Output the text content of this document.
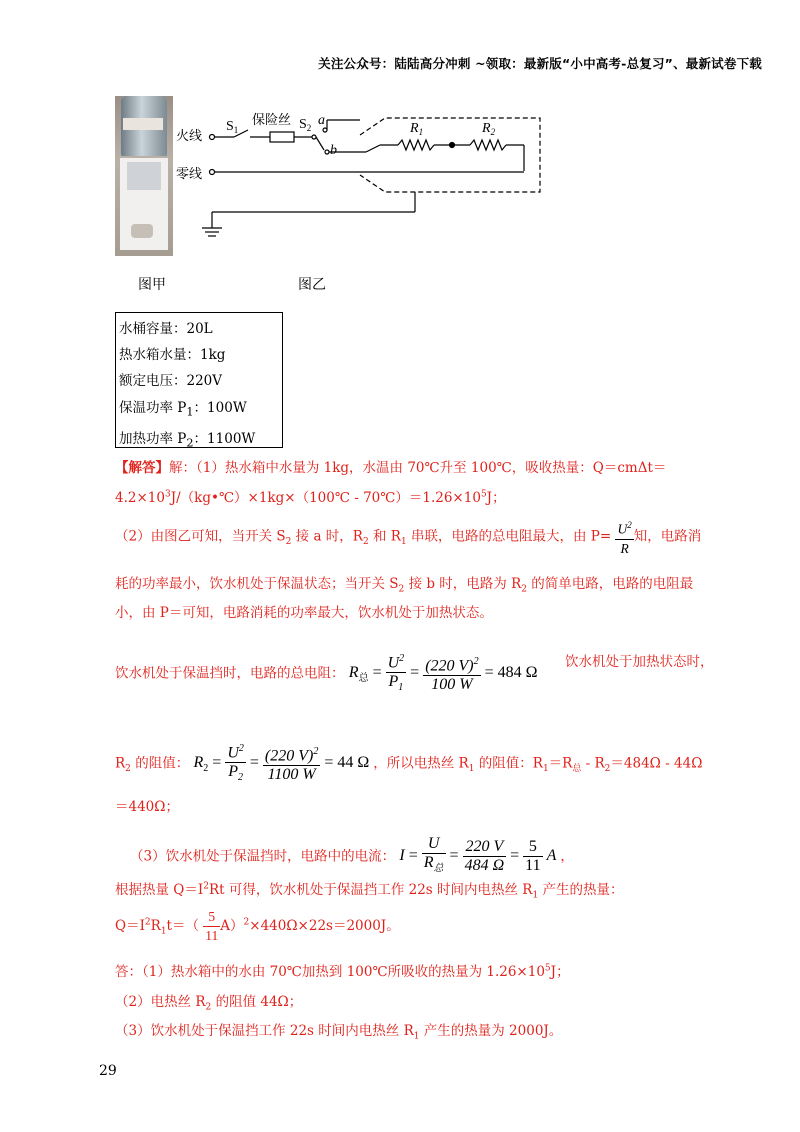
关注公众号：陆陆高分冲刺 ~领取：最新版“小中高考-总复习”、最新试卷下载
火线
零线
$S_1$
保险丝 $S_2$ a
b
$R_1$	$R_2$
图甲	图乙
水桶容量：20L
热水箱水量：1kg
额定电压：220V
保温功率 $P_1$：100W
加热功率 $P_2$：1100W
【解答】解：（1）热水箱中水量为 1kg，水温由 70℃升至 100℃，吸收热量：Q＝cmΔt＝
$4.2\times 10^3J/(kg•℃)\times 1kg\times(100℃$ - $70℃)=1.26\times 10^5J$；
（2）由图乙可知，当开关 $S_2$ 接 a 时，$R_2$ 和 $R_1$ 串联，电路的总电阻最大，由 $P= \frac{U^2}{R}$ 知，电路消
耗的功率最小，饮水机处于保温状态；当开关 $S_2$ 接 b 时，电路为 $R_2$ 的简单电路，电路的电阻最
小，由 P＝可知，电路消耗的功率最大，饮水机处于加热状态。
饮水机处于保温挡时，电路的总电阻： $R_总 = \frac{U^2}{P_1} = \frac{(220 V)^2}{100 W} = 484$ Ω
饮水机处于加热状态时，
$R_2$ 的阻值： $R_2 = \frac{U^2}{P_2} = \frac{(220 V)^2}{1100 W} = 44$ Ω ，所以电热丝 $R_1$ 的阻值：$R_1=R_总 - R_2=484\Omega - 44\Omega$
＝440Ω；
（3）饮水机处于保温挡时，电路中的电流： $I = \frac{U}{R_总} = \frac{220 V}{484 \Omega} = \frac{5}{11}$ A ，
根据热量 $Q=I^2Rt$ 可得，饮水机处于保温挡工作 22s 时间内电热丝 $R_1$ 产生的热量：
$Q=I^2R_1t=( \frac{5}{11} A)^2\times 440\Omega\times 22s=2000J$。
答：（1）热水箱中的水由 70℃加热到 100℃所吸收的热量为 $1.26\times 10^5J$；
（2）电热丝 $R_2$ 的阻值 44Ω；
（3）饮水机处于保温挡工作 22s 时间内电热丝 $R_1$ 产生的热量为 2000J。
29
